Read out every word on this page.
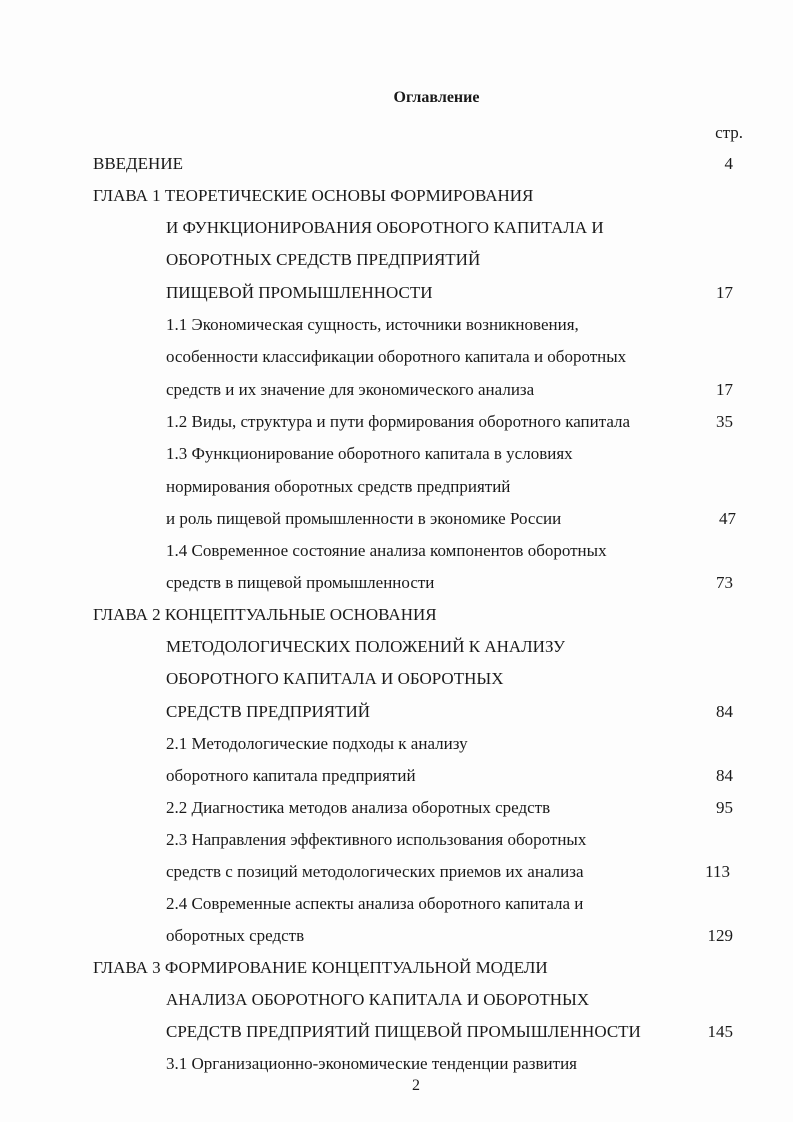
Оглавление
стр.
ВВЕДЕНИЕ	4
ГЛАВА 1 ТЕОРЕТИЧЕСКИЕ ОСНОВЫ ФОРМИРОВАНИЯ
И ФУНКЦИОНИРОВАНИЯ ОБОРОТНОГО КАПИТАЛА И
ОБОРОТНЫХ СРЕДСТВ ПРЕДПРИЯТИЙ
ПИЩЕВОЙ ПРОМЫШЛЕННОСТИ	17
1.1 Экономическая сущность, источники возникновения,
особенности классификации оборотного капитала и оборотных
средств и их значение для экономического анализа	17
1.2 Виды, структура и пути формирования оборотного капитала	35
1.3 Функционирование оборотного капитала в условиях
нормирования оборотных средств предприятий
и роль пищевой промышленности в экономике России	47
1.4 Современное состояние анализа компонентов оборотных
средств в пищевой промышленности	73
ГЛАВА 2 КОНЦЕПТУАЛЬНЫЕ ОСНОВАНИЯ
МЕТОДОЛОГИЧЕСКИХ ПОЛОЖЕНИЙ К АНАЛИЗУ
ОБОРОТНОГО КАПИТАЛА И ОБОРОТНЫХ
СРЕДСТВ ПРЕДПРИЯТИЙ	84
2.1 Методологические подходы к анализу
оборотного капитала предприятий	84
2.2 Диагностика методов анализа оборотных средств	95
2.3 Направления эффективного использования оборотных
средств с позиций методологических приемов их анализа	113
2.4 Современные аспекты анализа оборотного капитала и
оборотных средств	129
ГЛАВА 3 ФОРМИРОВАНИЕ КОНЦЕПТУАЛЬНОЙ МОДЕЛИ
АНАЛИЗА ОБОРОТНОГО КАПИТАЛА И ОБОРОТНЫХ
СРЕДСТВ ПРЕДПРИЯТИЙ ПИЩЕВОЙ ПРОМЫШЛЕННОСТИ	145
3.1 Организационно-экономические тенденции развития
2
